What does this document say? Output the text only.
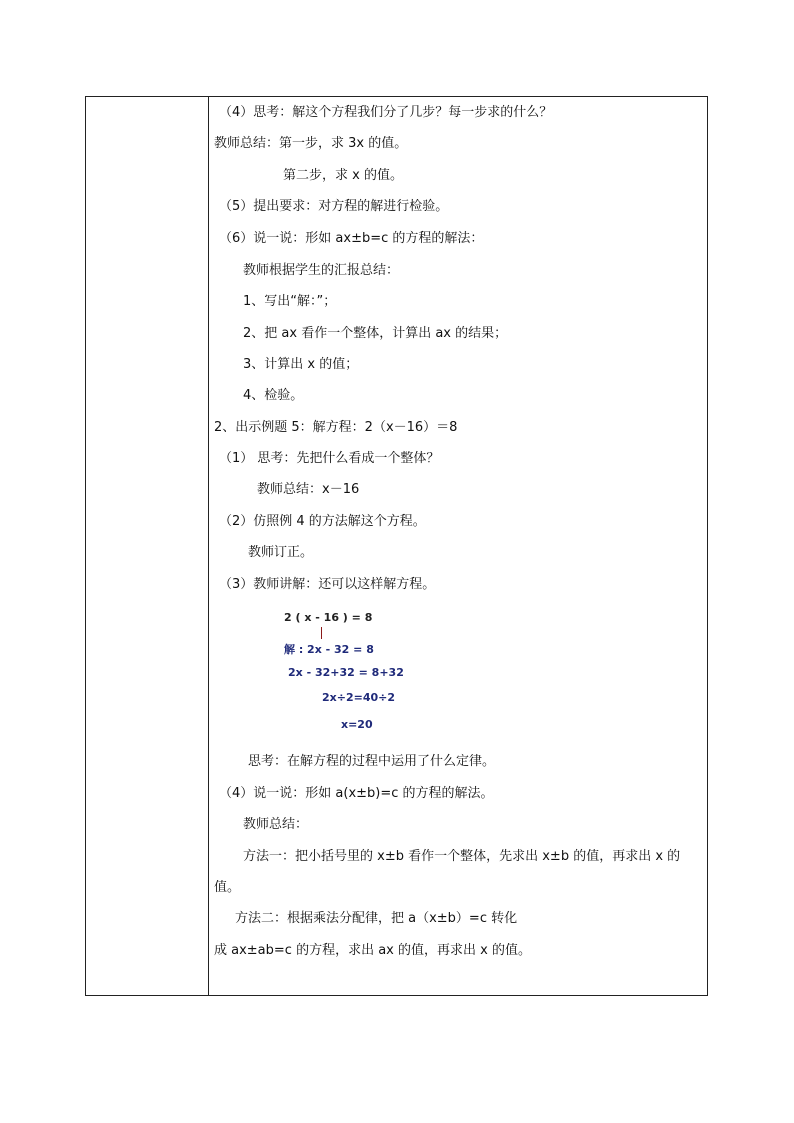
（4）思考：解这个方程我们分了几步？每一步求的什么？
教师总结：第一步，求 3x 的值。
第二步，求 x 的值。
（5）提出要求：对方程的解进行检验。
（6）说一说：形如 ax±b=c 的方程的解法：
教师根据学生的汇报总结：
1、写出“解：”；
2、把 ax 看作一个整体，计算出 ax 的结果；
3、计算出 x 的值；
4、检验。
2、出示例题 5：解方程：2（x－16）＝8
（1） 思考：先把什么看成一个整体？
教师总结：x－16
（2）仿照例 4 的方法解这个方程。
教师订正。
（3）教师讲解：还可以这样解方程。
2 ( x - 16 ) = 8
解 : 2x - 32 = 8
2x - 32+32 = 8+32
2x÷2=40÷2
x=20
思考：在解方程的过程中运用了什么定律。
（4）说一说：形如 a(x±b)=c 的方程的解法。
教师总结：
方法一：把小括号里的 x±b 看作一个整体，先求出 x±b 的值，再求出 x 的
值。
方法二：根据乘法分配律，把 a（x±b）=c 转化
成 ax±ab=c 的方程，求出 ax 的值，再求出 x 的值。
